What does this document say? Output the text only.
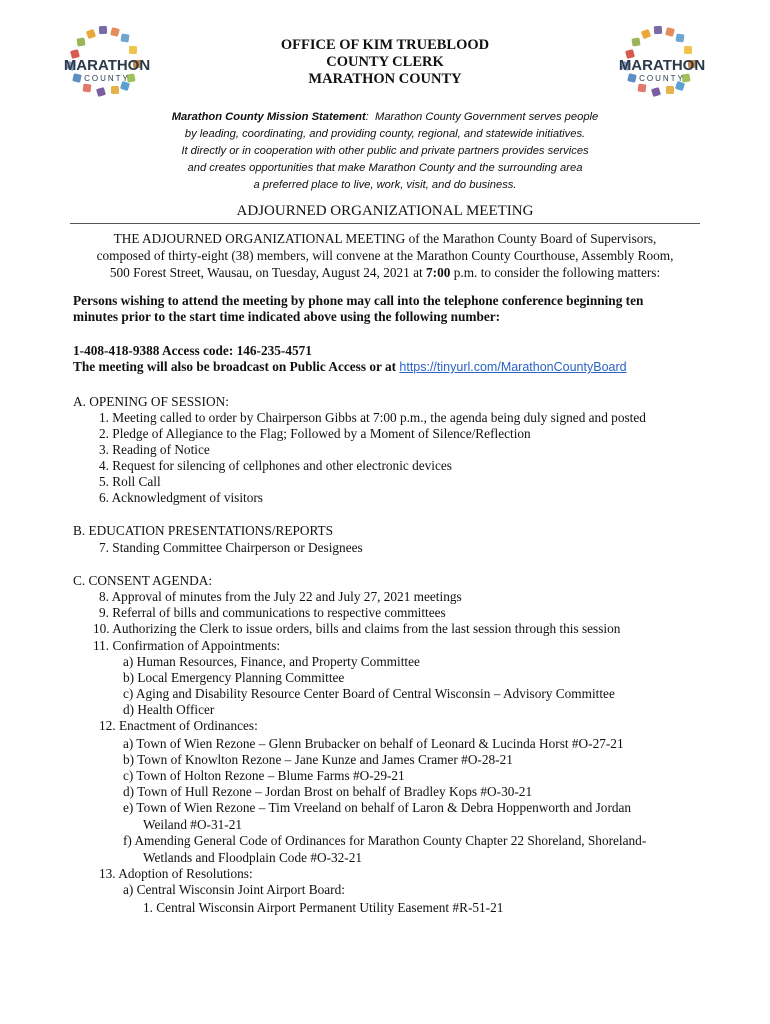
MARATHON
COUNTY
MARATHON
COUNTY
OFFICE OF KIM TRUEBLOOD
COUNTY CLERK
MARATHON COUNTY
Marathon County Mission Statement: Marathon County Government serves people
by leading, coordinating, and providing county, regional, and statewide initiatives.
It directly or in cooperation with other public and private partners provides services
and creates opportunities that make Marathon County and the surrounding area
a preferred place to live, work, visit, and do business.
ADJOURNED ORGANIZATIONAL MEETING
THE ADJOURNED ORGANIZATIONAL MEETING of the Marathon County Board of Supervisors,
composed of thirty-eight (38) members, will convene at the Marathon County Courthouse, Assembly Room,
500 Forest Street, Wausau, on Tuesday, August 24, 2021 at 7:00 p.m. to consider the following matters:
Persons wishing to attend the meeting by phone may call into the telephone conference beginning ten
minutes prior to the start time indicated above using the following number:
1-408-418-9388 Access code: 146-235-4571
The meeting will also be broadcast on Public Access or at https://tinyurl.com/MarathonCountyBoard
A. OPENING OF SESSION:
1. Meeting called to order by Chairperson Gibbs at 7:00 p.m., the agenda being duly signed and posted
2. Pledge of Allegiance to the Flag; Followed by a Moment of Silence/Reflection
3. Reading of Notice
4. Request for silencing of cellphones and other electronic devices
5. Roll Call
6. Acknowledgment of visitors
B. EDUCATION PRESENTATIONS/REPORTS
7. Standing Committee Chairperson or Designees
C. CONSENT AGENDA:
8. Approval of minutes from the July 22 and July 27, 2021 meetings
9. Referral of bills and communications to respective committees
10. Authorizing the Clerk to issue orders, bills and claims from the last session through this session
11. Confirmation of Appointments:
a) Human Resources, Finance, and Property Committee
b) Local Emergency Planning Committee
c) Aging and Disability Resource Center Board of Central Wisconsin – Advisory Committee
d) Health Officer
12. Enactment of Ordinances:
a) Town of Wien Rezone – Glenn Brubacker on behalf of Leonard & Lucinda Horst #O-27-21
b) Town of Knowlton Rezone – Jane Kunze and James Cramer #O-28-21
c) Town of Holton Rezone – Blume Farms #O-29-21
d) Town of Hull Rezone – Jordan Brost on behalf of Bradley Kops #O-30-21
e) Town of Wien Rezone – Tim Vreeland on behalf of Laron & Debra Hoppenworth and Jordan
Weiland #O-31-21
f) Amending General Code of Ordinances for Marathon County Chapter 22 Shoreland, Shoreland-
Wetlands and Floodplain Code #O-32-21
13. Adoption of Resolutions:
a) Central Wisconsin Joint Airport Board:
1. Central Wisconsin Airport Permanent Utility Easement #R-51-21
